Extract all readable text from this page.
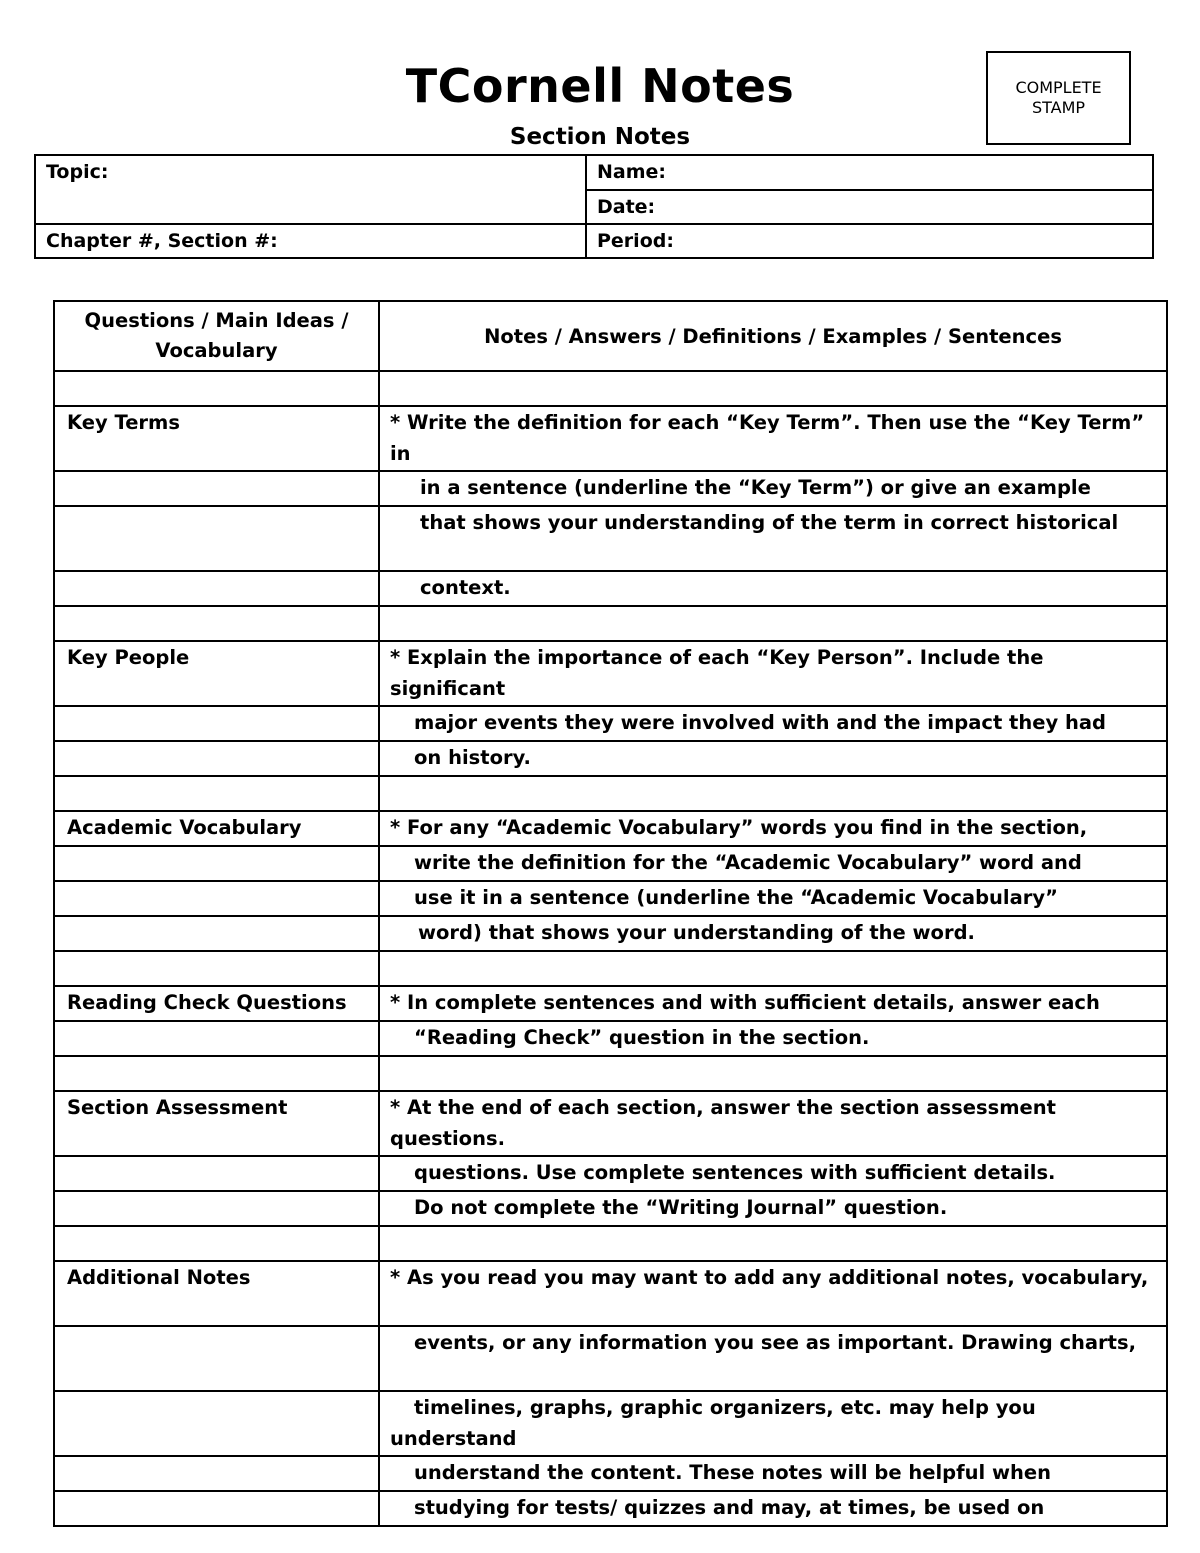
TCornell Notes
Section Notes
COMPLETE
STAMP
Topic:	Name:
	Date:
Chapter #, Section #:	Period:
Questions / Main Ideas / Vocabulary	Notes / Answers / Definitions / Examples / Sentences

Key Terms	* Write the definition for each “Key Term”. Then use the “Key Term” in
	in a sentence (underline the “Key Term”) or give an example
	that shows your understanding of the term in correct historical
	context.

Key People	* Explain the importance of each “Key Person”. Include the significant
	major events they were involved with and the impact they had
	on history.

Academic Vocabulary	* For any “Academic Vocabulary” words you find in the section,
	write the definition for the “Academic Vocabulary” word and
	use it in a sentence (underline the “Academic Vocabulary”
	word) that shows your understanding of the word.

Reading Check Questions	* In complete sentences and with sufficient details, answer each
	“Reading Check” question in the section.

Section Assessment	* At the end of each section, answer the section assessment questions.
	questions. Use complete sentences with sufficient details.
	Do not complete the “Writing Journal” question.

Additional Notes	* As you read you may want to add any additional notes, vocabulary,
	events, or any information you see as important. Drawing charts,
	timelines, graphs, graphic organizers, etc. may help you understand
	understand the content. These notes will be helpful when
	studying for tests/ quizzes and may, at times, be used on
